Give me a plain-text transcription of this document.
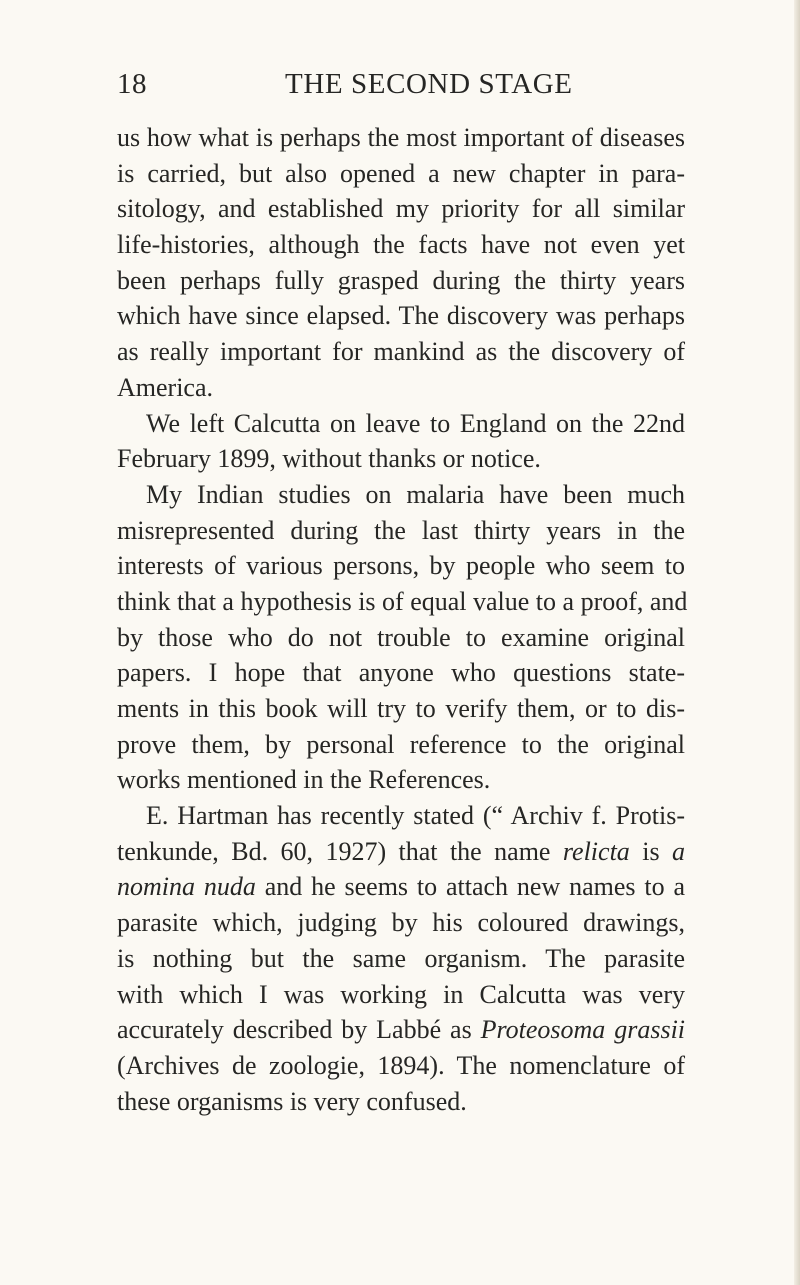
18	THE SECOND STAGE
us how what is perhaps the most important of diseases
is carried, but also opened a new chapter in para-
sitology, and established my priority for all similar
life-histories, although the facts have not even yet
been perhaps fully grasped during the thirty years
which have since elapsed. The discovery was perhaps
as really important for mankind as the discovery of
America.
We left Calcutta on leave to England on the 22nd
February 1899, without thanks or notice.
My Indian studies on malaria have been much
misrepresented during the last thirty years in the
interests of various persons, by people who seem to
think that a hypothesis is of equal value to a proof, and
by those who do not trouble to examine original
papers. I hope that anyone who questions state-
ments in this book will try to verify them, or to dis-
prove them, by personal reference to the original
works mentioned in the References.
E. Hartman has recently stated (“ Archiv f. Protis-
tenkunde, Bd. 60, 1927) that the name relicta is a
nomina nuda and he seems to attach new names to a
parasite which, judging by his coloured drawings,
is nothing but the same organism. The parasite
with which I was working in Calcutta was very
accurately described by Labbé as Proteosoma grassii
(Archives de zoologie, 1894). The nomenclature of
these organisms is very confused.
